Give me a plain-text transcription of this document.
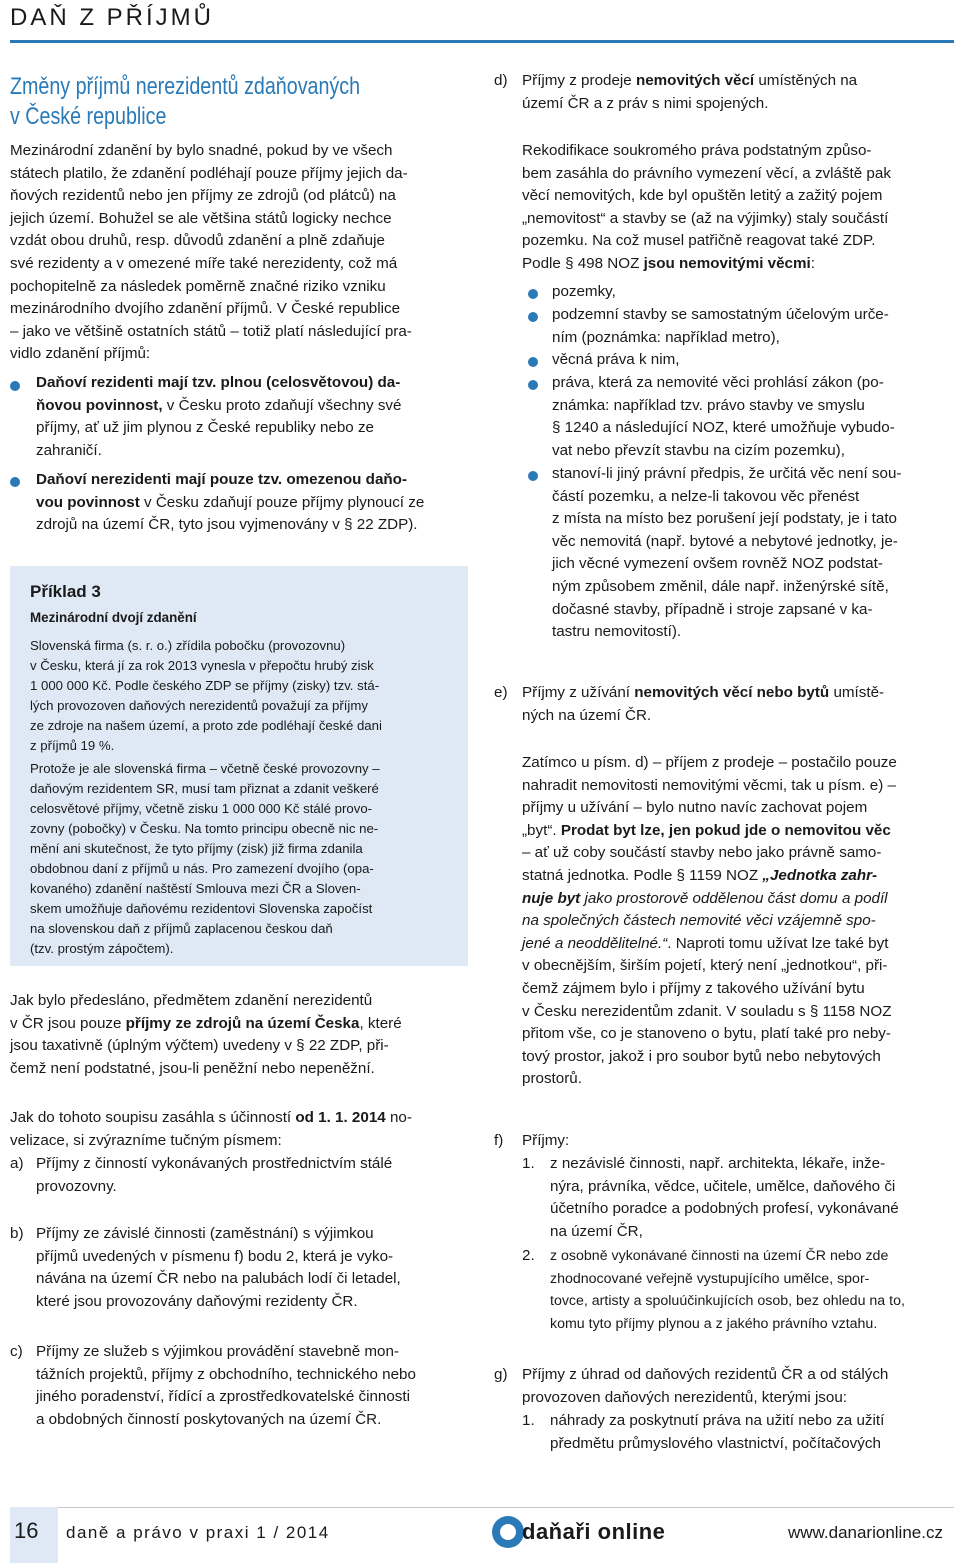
DAŇ Z PŘÍJMŮ
Změny příjmů nerezidentů zdaňovaných
v České republice
Mezinárodní zdanění by bylo snadné, pokud by ve všech
státech platilo, že zdanění podléhají pouze příjmy jejich da-
ňových rezidentů nebo jen příjmy ze zdrojů (od plátců) na
jejich území. Bohužel se ale většina států logicky nechce
vzdát obou druhů, resp. důvodů zdanění a plně zdaňuje
své rezidenty a v omezené míře také nerezidenty, což má
pochopitelně za následek poměrně značné riziko vzniku
mezinárodního dvojího zdanění příjmů. V České republice
– jako ve většině ostatních států – totiž platí následující pra-
vidlo zdanění příjmů:
Daňoví rezidenti mají tzv. plnou (celosvětovou) da-
ňovou povinnost, v Česku proto zdaňují všechny své
příjmy, ať už jim plynou z České republiky nebo ze
zahraničí.
Daňoví nerezidenti mají pouze tzv. omezenou daňo-
vou povinnost v Česku zdaňují pouze příjmy plynoucí ze
zdrojů na území ČR, tyto jsou vyjmenovány v § 22 ZDP).
Příklad 3
Mezinárodní dvojí zdanění
Slovenská firma (s. r. o.) zřídila pobočku (provozovnu)
v Česku, která jí za rok 2013 vynesla v přepočtu hrubý zisk
1 000 000 Kč. Podle českého ZDP se příjmy (zisky) tzv. stá-
lých provozoven daňových nerezidentů považují za příjmy
ze zdroje na našem území, a proto zde podléhají české dani
z příjmů 19 %.
Protože je ale slovenská firma – včetně české provozovny –
daňovým rezidentem SR, musí tam přiznat a zdanit veškeré
celosvětové příjmy, včetně zisku 1 000 000 Kč stálé provo-
zovny (pobočky) v Česku. Na tomto principu obecně nic ne-
mění ani skutečnost, že tyto příjmy (zisk) již firma zdanila
obdobnou daní z příjmů u nás. Pro zamezení dvojího (opa-
kovaného) zdanění naštěstí Smlouva mezi ČR a Sloven-
skem umožňuje daňovému rezidentovi Slovenska započíst
na slovenskou daň z příjmů zaplacenou českou daň
(tzv. prostým zápočtem).
Jak bylo předesláno, předmětem zdanění nerezidentů
v ČR jsou pouze příjmy ze zdrojů na území Česka, které
jsou taxativně (úplným výčtem) uvedeny v § 22 ZDP, při-
čemž není podstatné, jsou-li peněžní nebo nepeněžní.
Jak do tohoto soupisu zasáhla s účinností od 1. 1. 2014 no-
velizace, si zvýrazníme tučným písmem:
a) Příjmy z činností vykonávaných prostřednictvím stálé
provozovny.
b) Příjmy ze závislé činnosti (zaměstnání) s výjimkou
příjmů uvedených v písmenu f) bodu 2, která je vyko-
návána na území ČR nebo na palubách lodí či letadel,
které jsou provozovány daňovými rezidenty ČR.
c) Příjmy ze služeb s výjimkou provádění stavebně mon-
tážních projektů, příjmy z obchodního, technického nebo
jiného poradenství, řídící a zprostředkovatelské činnosti
a obdobných činností poskytovaných na území ČR.
d) Příjmy z prodeje nemovitých věcí umístěných na
území ČR a z práv s nimi spojených.
Rekodifikace soukromého práva podstatným způso-
bem zasáhla do právního vymezení věcí, a zvláště pak
věcí nemovitých, kde byl opuštěn letitý a zažitý pojem
„nemovitost“ a stavby se (až na výjimky) staly součástí
pozemku. Na což musel patřičně reagovat také ZDP.
Podle § 498 NOZ jsou nemovitými věcmi:
pozemky,
podzemní stavby se samostatným účelovým urče-
ním (poznámka: například metro),
věcná práva k nim,
práva, která za nemovité věci prohlásí zákon (po-
známka: například tzv. právo stavby ve smyslu
§ 1240 a následující NOZ, které umožňuje vybudo-
vat nebo převzít stavbu na cizím pozemku),
stanoví-li jiný právní předpis, že určitá věc není sou-
částí pozemku, a nelze-li takovou věc přenést
z místa na místo bez porušení její podstaty, je i tato
věc nemovitá (např. bytové a nebytové jednotky, je-
jich věcné vymezení ovšem rovněž NOZ podstat-
ným způsobem změnil, dále např. inženýrské sítě,
dočasné stavby, případně i stroje zapsané v ka-
tastru nemovitostí).
e) Příjmy z užívání nemovitých věcí nebo bytů umístě-
ných na území ČR.
Zatímco u písm. d) – příjem z prodeje – postačilo pouze
nahradit nemovitosti nemovitými věcmi, tak u písm. e) –
příjmy u užívání – bylo nutno navíc zachovat pojem
„byt“. Prodat byt lze, jen pokud jde o nemovitou věc
– ať už coby součástí stavby nebo jako právně samo-
statná jednotka. Podle § 1159 NOZ „Jednotka zahr-
nuje byt jako prostorově oddělenou část domu a podíl
na společných částech nemovité věci vzájemně spo-
jené a neoddělitelné.“. Naproti tomu užívat lze také byt
v obecnějším, širším pojetí, který není „jednotkou“, při-
čemž zájmem bylo i příjmy z takového užívání bytu
v Česku nerezidentům zdanit. V souladu s § 1158 NOZ
přitom vše, co je stanoveno o bytu, platí také pro neby-
tový prostor, jakož i pro soubor bytů nebo nebytových
prostorů.
f) Příjmy:
1. z nezávislé činnosti, např. architekta, lékaře, inže-
nýra, právníka, vědce, učitele, umělce, daňového či
účetního poradce a podobných profesí, vykonávané
na území ČR,
2. z osobně vykonávané činnosti na území ČR nebo zde
zhodnocované veřejně vystupujícího umělce, spor-
tovce, artisty a spoluúčinkujících osob, bez ohledu na to,
komu tyto příjmy plynou a z jakého právního vztahu.
g) Příjmy z úhrad od daňových rezidentů ČR a od stálých
provozoven daňových nerezidentů, kterými jsou:
1. náhrady za poskytnutí práva na užití nebo za užití
předmětu průmyslového vlastnictví, počítačových
16 daně a právo v praxi 1 / 2014	daňaři online	www.danarionline.cz
